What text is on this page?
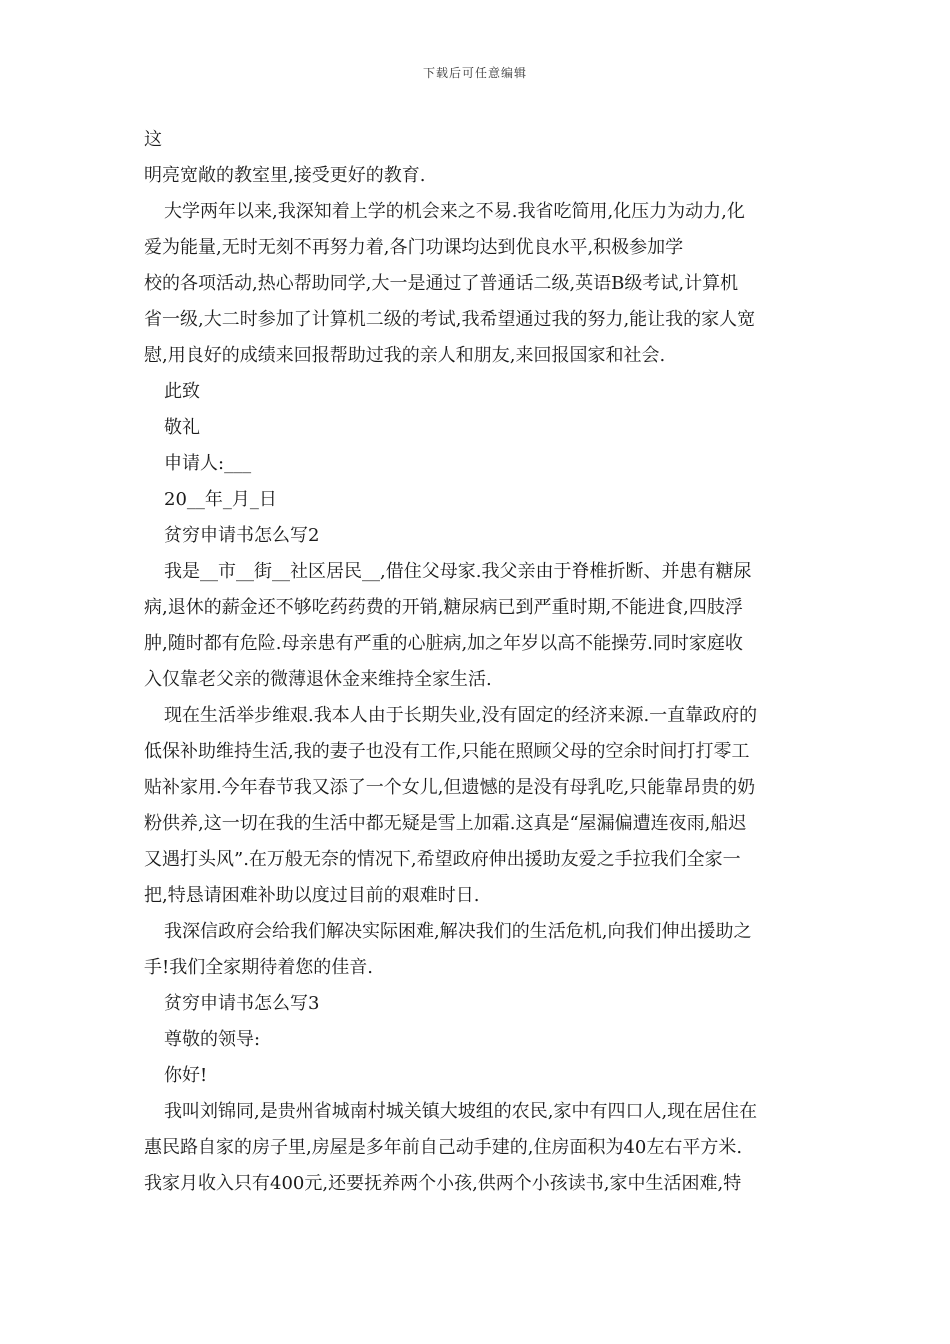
下载后可任意编辑
这
明亮宽敞的教室里,接受更好的教育.
大学两年以来,我深知着上学的机会来之不易.我省吃简用,化压力为动力,化
爱为能量,无时无刻不再努力着,各门功课均达到优良水平,积极参加学
校的各项活动,热心帮助同学,大一是通过了普通话二级,英语B级考试,计算机
省一级,大二时参加了计算机二级的考试,我希望通过我的努力,能让我的家人宽
慰,用良好的成绩来回报帮助过我的亲人和朋友,来回报国家和社会.
此致
敬礼
申请人:___
20__年_月_日
贫穷申请书怎么写2
我是__市__街__社区居民__,借住父母家.我父亲由于脊椎折断、并患有糖尿
病,退休的薪金还不够吃药药费的开销,糖尿病已到严重时期,不能进食,四肢浮
肿,随时都有危险.母亲患有严重的心脏病,加之年岁以高不能操劳.同时家庭收
入仅靠老父亲的微薄退休金来维持全家生活.
现在生活举步维艰.我本人由于长期失业,没有固定的经济来源.一直靠政府的
低保补助维持生活,我的妻子也没有工作,只能在照顾父母的空余时间打打零工
贴补家用.今年春节我又添了一个女儿,但遗憾的是没有母乳吃,只能靠昂贵的奶
粉供养,这一切在我的生活中都无疑是雪上加霜.这真是“屋漏偏遭连夜雨,船迟
又遇打头风”.在万般无奈的情况下,希望政府伸出援助友爱之手拉我们全家一
把,特恳请困难补助以度过目前的艰难时日.
我深信政府会给我们解决实际困难,解决我们的生活危机,向我们伸出援助之
手!我们全家期待着您的佳音.
贫穷申请书怎么写3
尊敬的领导:
你好!
我叫刘锦同,是贵州省城南村城关镇大坡组的农民,家中有四口人,现在居住在
惠民路自家的房子里,房屋是多年前自己动手建的,住房面积为40左右平方米.
我家月收入只有400元,还要抚养两个小孩,供两个小孩读书,家中生活困难,特
